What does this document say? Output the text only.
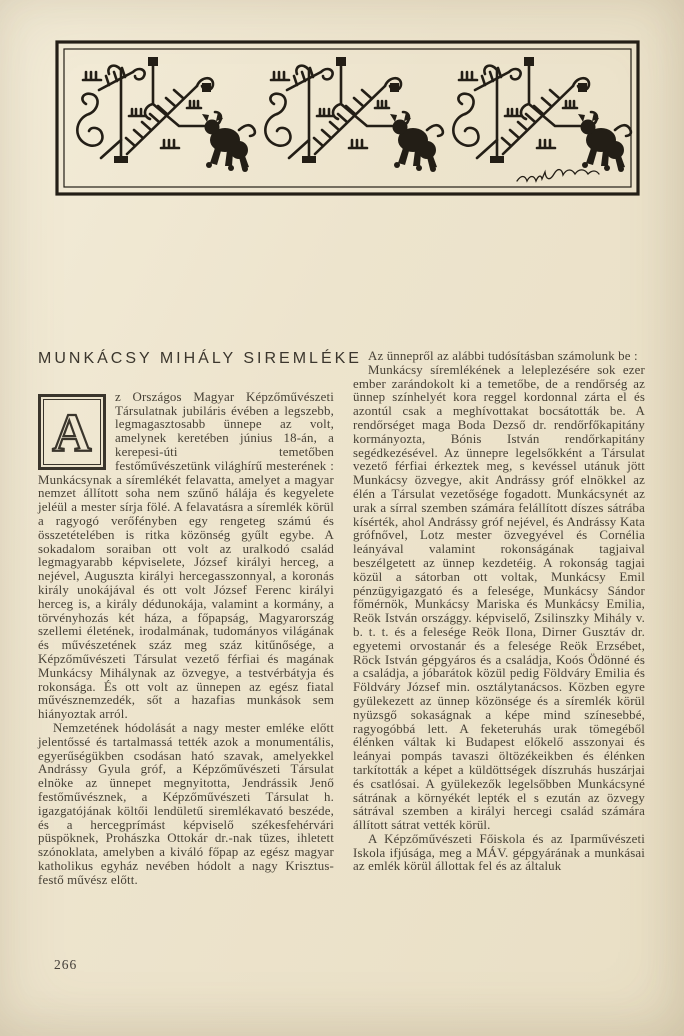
MUNKÁCSY MIHÁLY SIREMLÉKE

A
z Országos Magyar Képzőművészeti Társulatnak jubiláris évében a legszebb, legmagasztosabb ünnepe az volt, amelynek keretében június 18-án, a kerepesi-úti temetőben festőművészetünk világhírű mesterének : Munkácsynak a síremlékét felavatta, amelyet a magyar nemzet állított soha nem szűnő hálája és kegyelete jeléül a mester sírja fölé. A felavatásra a síremlék körül a ragyogó verőfényben egy rengeteg számú és összetételében is ritka közönség gyűlt egybe. A sokadalom soraiban ott volt az uralkodó család legmagyarabb képviselete, József királyi herceg, a nejével, Auguszta királyi hercegasszonnyal, a koronás király unokájával és ott volt József Ferenc királyi herceg is, a király dédunokája, valamint a kormány, a törvényhozás két háza, a főpapság, Magyarország szellemi életének, irodalmának, tudományos világának és művészetének száz meg száz kitűnősége, a Képzőművészeti Társulat vezető férfiai és magának Munkácsy Mihálynak az özvegye, a testvérbátyja és rokonsága. És ott volt az ünnepen az egész fiatal művésznemzedék, sőt a hazafias munkások sem hiányoztak arról.

Nemzetének hódolását a nagy mester emléke előtt jelentőssé és tartalmassá tették azok a monumentális, egyerűségükben csodásan ható szavak, amelyekkel Andrássy Gyula gróf, a Képzőművészeti Társulat elnöke az ünnepet megnyitotta, Jendrássik Jenő festőművésznek, a Képzőművészeti Társulat h. igazgatójának költői lendületű siremlékavató beszéde, és a hercegprímást képviselő székesfehérvári püspöknek, Prohászka Ottokár dr.-nak tüzes, ihletett szónoklata, amelyben a kiváló főpap az egész magyar katholikus egyház nevében hódolt a nagy Krisztus-festő művész előtt.

Az ünnepről az alábbi tudósításban számolunk be :

Munkácsy síremlékének a leleplezésére sok ezer ember zarándokolt ki a temetőbe, de a rendőrség az ünnep színhelyét kora reggel kordonnal zárta el és azontúl csak a meghívottakat bocsátották be. A rendőrséget maga Boda Dezső dr. rendőrfőkapitány kormányozta, Bónis István rendőrkapitány segédkezésével. Az ünnepre legelsőkként a Társulat vezető férfiai érkeztek meg, s kevéssel utánuk jött Munkácsy özvegye, akit Andrássy gróf elnökkel az élén a Társulat vezetősége fogadott. Munkácsynét az urak a sírral szemben számára felállított díszes sátrába kísérték, ahol Andrássy gróf nejével, és Andrássy Kata grófnővel, Lotz mester özvegyével és Cornélia leányával valamint rokonságának tagjaival beszélgetett az ünnep kezdetéig. A rokonság tagjai közül a sátorban ott voltak, Munkácsy Emil pénzügyigazgató és a felesége, Munkácsy Sándor főmérnök, Munkácsy Mariska és Munkácsy Emilia, Reök István országgy. képviselő, Zsilinszky Mihály v. b. t. t. és a felesége Reök Ilona, Dirner Gusztáv dr. egyetemi orvostanár és a felesége Reök Erzsébet, Röck István gépgyáros és a családja, Koós Ödönné és a családja, a jóbarátok közül pedig Földváry Emilia és Földváry József min. osztálytanácsos. Közben egyre gyülekezett az ünnep közönsége és a síremlék körül nyüzsgő sokaságnak a képe mind színesebbé, ragyogóbbá lett. A feketeruhás urak tömegéből élénken váltak ki Budapest előkelő asszonyai és leányai pompás tavaszi öltözékeikben és élénken tarkították a képet a küldöttségek díszruhás huszárjai és csatlósai. A gyülekezők legelsőbben Munkácsyné sátrának a környékét lepték el s ezután az özvegy sátrával szemben a királyi hercegi család számára állított sátrat vették körül.

A Képzőművészeti Főiskola és az Iparművészeti Iskola ifjúsága, meg a MÁV. gépgyárának a munkásai az emlék körül állottak fel és az általuk

266
